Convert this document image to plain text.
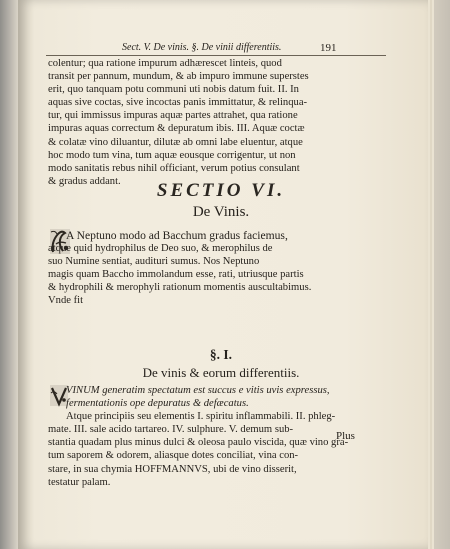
Sect. V. De vinis. §. De vinii differentiis.	191

colentur; qua ratione impurum adhærescet linteis, quod

transit per pannum, mundum, & ab impuro immune superstes

erit, quo tanquam potu communi uti nobis datum fuit. II. In

aquas sive coctas, sive incoctas panis immittatur, & relinqua-

tur, qui immissus impuras aquæ partes attrahet, qua ratione

impuras aquas correctum & depuratum ibis. III. Aquæ coctæ

& colatæ vino diluantur, dilutæ ab omni labe eluentur, atque

hoc modo tum vina, tum aquæ eousque corrigentur, ut non

modo sanitatis rebus nihil officiant, verum potius consulant

& gradus addant.	SECTIO VI.
De Vinis.

A Neptuno modo ad Bacchum gradus faciemus,

atque quid hydrophilus de Deo suo, & merophilus de

suo Numine sentiat, audituri sumus. Nos Neptuno

magis quam Baccho immolandum esse, rati, utriusque partis

& hydrophili & merophyli rationum momentis auscultabimus.

Vnde fit

§. I.
De vinis & eorum differentiis.

VINUM generatim spectatum est succus e vitis uvis expressus,

fermentationis ope depuratus & defæcatus.

Atque principiis seu elementis I. spiritu inflammabili. II. phleg-

mate. III. sale acido tartareo. IV. sulphure. V. demum sub-

stantia quadam plus minus dulci & oleosa paulo viscida, quæ vino gra-

tum saporem & odorem, aliasque dotes conciliat, vina con-

stare, in sua chymia HOFFMANNVS, ubi de vino disserit,

testatur palam.

Plus
